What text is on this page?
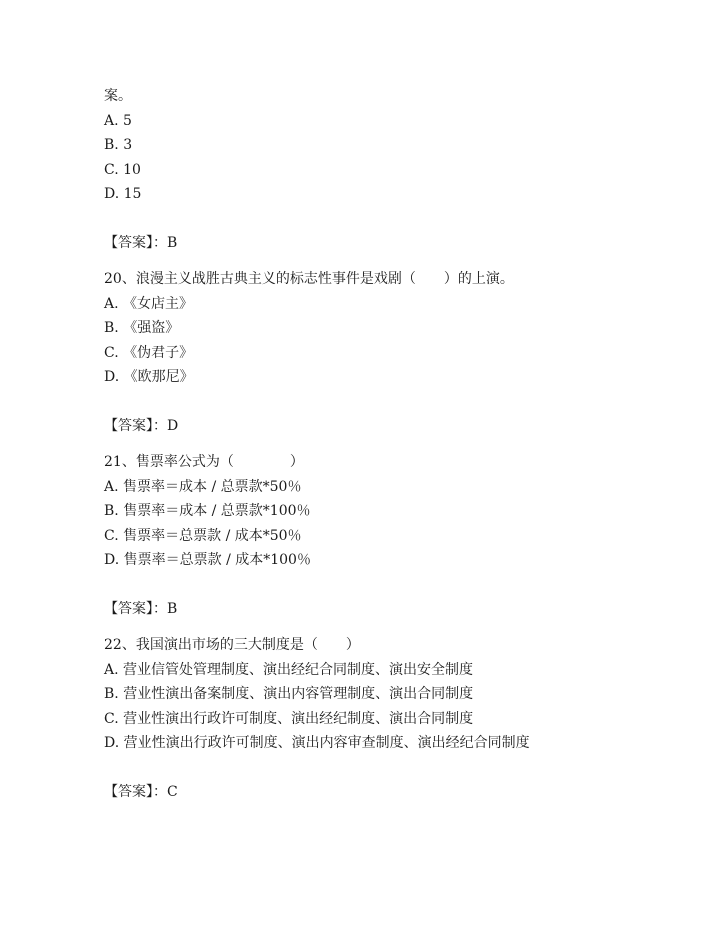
案。

A. 5

B. 3

C. 10

D. 15

【答案】：B

20、浪漫主义战胜古典主义的标志性事件是戏剧（　　）的上演。

A. 《女店主》

B. 《强盗》

C. 《伪君子》

D. 《欧那尼》

【答案】：D

21、售票率公式为（　　　　）

A. 售票率＝成本 / 总票款*50％

B. 售票率＝成本 / 总票款*100％

C. 售票率＝总票款 / 成本*50％

D. 售票率＝总票款 / 成本*100％

【答案】：B

22、我国演出市场的三大制度是（　　）

A. 营业信管处管理制度、演出经纪合同制度、演出安全制度

B. 营业性演出备案制度、演出内容管理制度、演出合同制度

C. 营业性演出行政许可制度、演出经纪制度、演出合同制度

D. 营业性演出行政许可制度、演出内容审查制度、演出经纪合同制度

【答案】：C
